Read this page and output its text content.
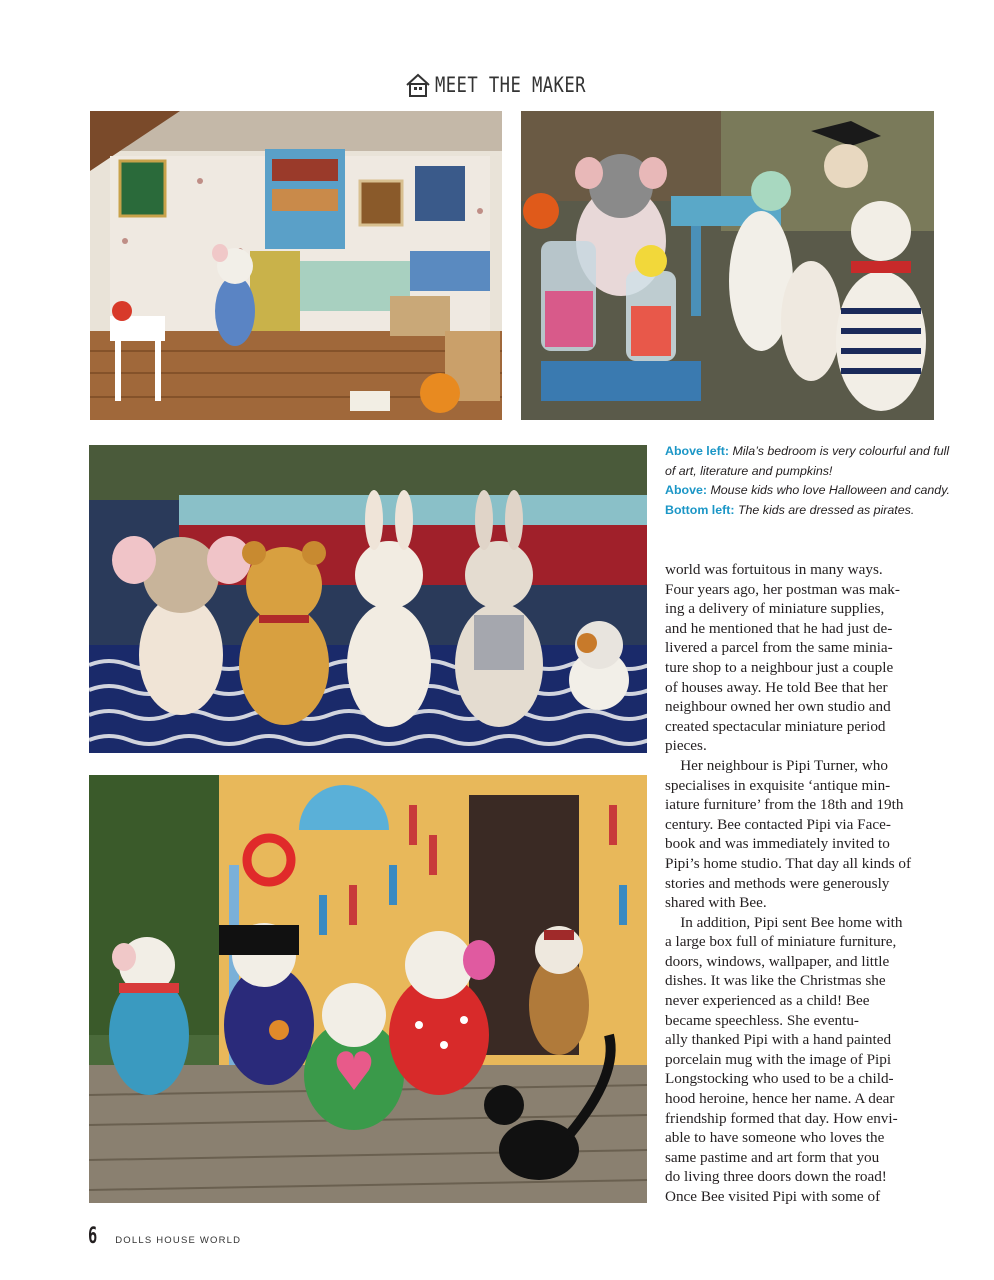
MEET THE MAKER

Above left: Mila’s bedroom is very colourful and full of art, literature and pumpkins!

Above: Mouse kids who love Halloween and candy.

Bottom left: The kids are dressed as pirates.

world was fortuitous in many ways.
Four years ago, her postman was mak-
ing a delivery of miniature supplies,
and he mentioned that he had just de-
livered a parcel from the same minia-
ture shop to a neighbour just a couple
of houses away. He told Bee that her
neighbour owned her own studio and
created spectacular miniature period
pieces.
Her neighbour is Pipi Turner, who
specialises in exquisite ‘antique min-
iature furniture’ from the 18th and 19th
century. Bee contacted Pipi via Face-
book and was immediately invited to
Pipi’s home studio. That day all kinds of
stories and methods were generously
shared with Bee.
In addition, Pipi sent Bee home with
a large box full of miniature furniture,
doors, windows, wallpaper, and little
dishes. It was like the Christmas she
never experienced as a child! Bee
became speechless. She eventu-
ally thanked Pipi with a hand painted
porcelain mug with the image of Pipi
Longstocking who used to be a child-
hood heroine, hence her name. A dear
friendship formed that day. How envi-
able to have someone who loves the
same pastime and art form that you
do living three doors down the road!
Once Bee visited Pipi with some of
6 DOLLS HOUSE WORLD
